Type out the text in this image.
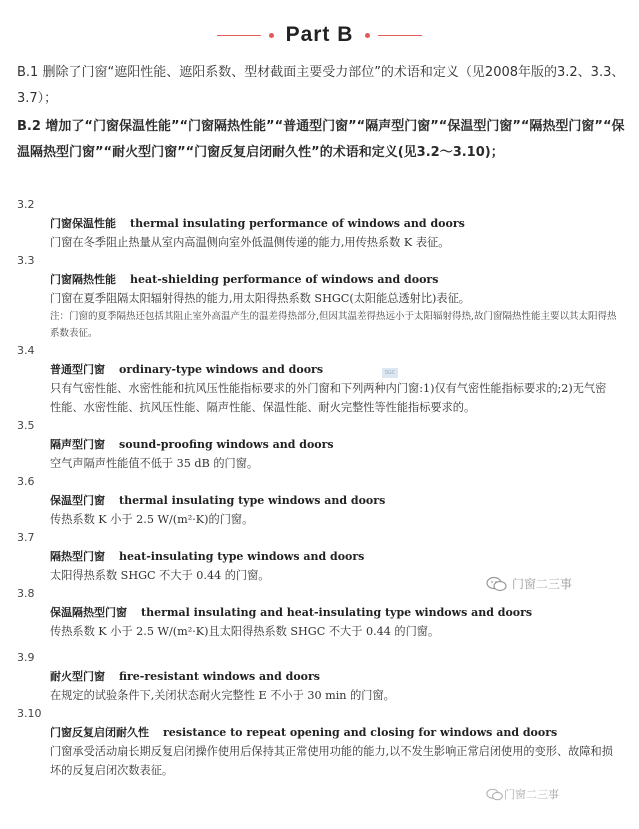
Part B

B.1 删除了门窗“遮阳性能、遮阳系数、型材截面主要受力部位”的术语和定义（见2008年版的3.2、3.3、3.7）；

B.2 增加了“门窗保温性能”“门窗隔热性能”“普通型门窗”“隔声型门窗”“保温型门窗”“隔热型门窗”“保温隔热型门窗”“耐火型门窗”“门窗反复启闭耐久性”的术语和定义(见3.2～3.10)；

SGC
3.2
门窗保温性能 thermal insulating performance of windows and doors
门窗在冬季阻止热量从室内高温侧向室外低温侧传递的能力,用传热系数 K 表征。
3.3
门窗隔热性能 heat-shielding performance of windows and doors
门窗在夏季阻隔太阳辐射得热的能力,用太阳得热系数 SHGC(太阳能总透射比)表征。
注：门窗的夏季隔热还包括其阻止室外高温产生的温差得热部分,但因其温差得热远小于太阳辐射得热,故门窗隔热性能主要以其太阳得热系数表征。
3.4
普通型门窗 ordinary-type windows and doors
只有气密性能、水密性能和抗风压性能指标要求的外门窗和下列两种内门窗:1)仅有气密性能指标要求的;2)无气密性能、水密性能、抗风压性能、隔声性能、保温性能、耐火完整性等性能指标要求的。
3.5
隔声型门窗 sound-proofing windows and doors
空气声隔声性能值不低于 35 dB 的门窗。
3.6
保温型门窗 thermal insulating type windows and doors
传热系数 K 小于 2.5 W/(m²·K)的门窗。
3.7
隔热型门窗 heat-insulating type windows and doors
太阳得热系数 SHGC 不大于 0.44 的门窗。
3.8
保温隔热型门窗 thermal insulating and heat-insulating type windows and doors
传热系数 K 小于 2.5 W/(m²·K)且太阳得热系数 SHGC 不大于 0.44 的门窗。
3.9
耐火型门窗 fire-resistant windows and doors
在规定的试验条件下,关闭状态耐火完整性 E 不小于 30 min 的门窗。
3.10
门窗反复启闭耐久性 resistance to repeat opening and closing for windows and doors
门窗承受活动扇长期反复启闭操作使用后保持其正常使用功能的能力,以不发生影响正常启闭使用的变形、故障和损坏的反复启闭次数表征。
门窗二三事
门窗二三事
